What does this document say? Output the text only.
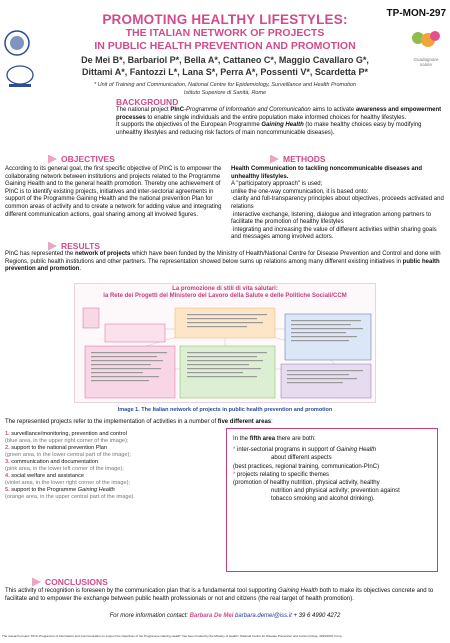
TP-MON-297
Guadagnare salute
PROMOTING HEALTHY LIFESTYLES:
THE ITALIAN NETWORK OF PROJECTS
IN PUBLIC HEALTH PREVENTION AND PROMOTION
De Mei B*, Barbariol P*, Bella A*, Cattaneo C*, Maggio Cavallaro G*,
Dittami A*, Fantozzi L*, Lana S*, Perra A*, Possenti V*, Scardetta P*
* Unit of Training and Communication, National Centre for Epidemiology, Surveillance and Health Promotion
Istituto Superiore di Sanità, Rome
BACKGROUND

The national project PInC-Programme of Information and Communication aims to activate awareness and empowerment processes to enable single individuals and the entire population make informed choices for healthy lifestyles.

It supports the objectives of the European Programme Gaining Health (to make healthy choices easy by modifying unhealthy lifestyles and reducing risk factors of main noncommunicable diseases).

OBJECTIVES
According to its general goal, the first specific objective of PInC is to empower the collaborating network between institutions and projects related to the Programme Gaining Health and to the general health promotion. Thereby one achievement of PInC is to identify existing projects, initiatives and inter-sectorial agreements in support of the Programme Gaining Health and the national prevention Plan for common areas of activity and to create a network for adding value and integrating different communication actions, goal sharing among all involved figures.
METHODS

Health Communication to tackling noncommunicable diseases and unhealthy lifestyles.

A "participatory approach" is used;

unlike the one-way communication, it is based onto:

·clarity and full-transparency principles about objectives, proceeds activated and relations

·interactive exchange, listening, dialogue and integration among partners to facilitate the promotion of healthy lifestyles

·integrating and increasing the value of different activities within sharing goals and messages among involved actors.

RESULTS
PInC has represented the network of projects which have been funded by the Ministry of Health/National Centre for Disease Prevention and Control and done with Regions, public health institutions and other partners. The representation showed below sums up relations among many different existing initiatives in public health prevention and promotion.
La promozione di stili di vita salutari:
la Rete dei Progetti del Ministero del Lavoro della Salute e delle Politiche Sociali/CCM
Image 1. The Italian network of projects in public health prevention and promotion
The represented projects refer to the implementation of activities in a number of five different areas:
1. surveillance/monitoring, prevention and control
(blue area, in the upper right corner of the image);
2. support to the national prevention Plan
(green area, in the lower central part of the image);
3. communication and documentation
(pink area, in the lower left corner of the image);
4. social welfare and assistance
(violet area, in the lower right corner of the image);
5. support to the Programme Gaining Health
(orange area, in the upper central part of the image).

In the fifth area there are both:

* inter-sectorial programs in support of Gaining Health

about different aspects

(best practices, regional training, communication-PInC)

* projects relating to specific themes

(promotion of healthy nutrition, physical activity, healthy

nutrition and physical activity; prevention against

tobacco smoking and alcohol drinking).

CONCLUSIONS
This activity of recognition is foreseen by the communication plan that is a fundamental tool supporting Gaining Health both to make its objectives concrete and to facilitate and to empower the exchange between public health professionals or not and citizens (the real target of health promotion).
For more information contact: Barbara De Mei barbara.demei@iss.it + 39 6 4990 4272
The research project "PInC-Programme of Information and Communication to support the objectives of the Programme Gaining Health" has been funded by the Ministry of Health / National Centre for Disease Prevention and Control (Chap. 4393/2007-Ccm).
